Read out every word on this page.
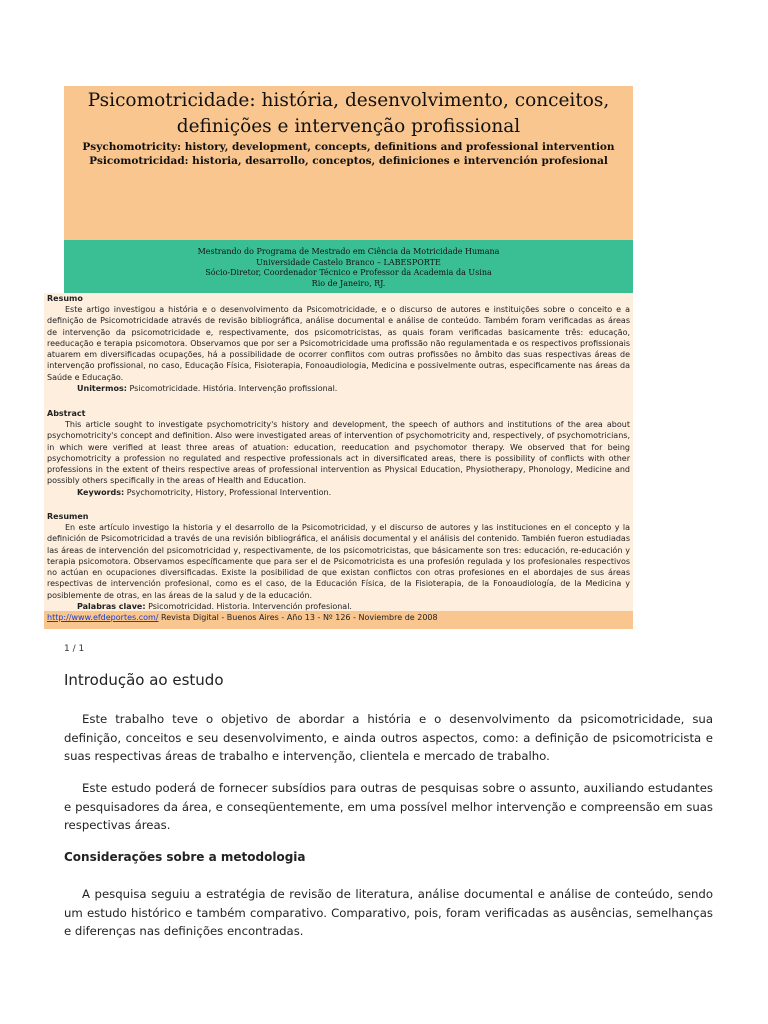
Psicomotricidade: história, desenvolvimento, conceitos, definições e intervenção profissional
Psychomotricity: history, development, concepts, definitions and professional intervention
Psicomotricidad: historia, desarrollo, conceptos, definiciones e intervención profesional
Mestrando do Programa de Mestrado em Ciência da Motricidade Humana
Universidade Castelo Branco – LABESPORTE
Sócio-Diretor, Coordenador Técnico e Professor da Academia da Usina
Rio de Janeiro, RJ.
Resumo

Este artigo investigou a história e o desenvolvimento da Psicomotricidade, e o discurso de autores e instituições sobre o conceito e a definição de Psicomotricidade através de revisão bibliográfica, análise documental e análise de conteúdo. Também foram verificadas as áreas de intervenção da psicomotricidade e, respectivamente, dos psicomotricistas, as quais foram verificadas basicamente três: educação, reeducação e terapia psicomotora. Observamos que por ser a Psicomotricidade uma profissão não regulamentada e os respectivos profissionais atuarem em diversificadas ocupações, há a possibilidade de ocorrer conflitos com outras profissões no âmbito das suas respectivas áreas de intervenção profissional, no caso, Educação Física, Fisioterapia, Fonoaudiologia, Medicina e possivelmente outras, especificamente nas áreas da Saúde e Educação.

Unitermos: Psicomotricidade. História. Intervenção profissional.

Abstract

This article sought to investigate psychomotricity's history and development, the speech of authors and institutions of the area about psychomotricity's concept and definition. Also were investigated areas of intervention of psychomotricity and, respectively, of psychomotricians, in which were verified at least three areas of atuation: education, reeducation and psychomotor therapy. We observed that for being psychomotricity a profession no regulated and respective professionals act in diversificated areas, there is possibility of conflicts with other professions in the extent of theirs respective areas of professional intervention as Physical Education, Physiotherapy, Phonology, Medicine and possibly others specifically in the areas of Health and Education.

Keywords: Psychomotricity, History, Professional Intervention.

Resumen

En este artículo investigo la historia y el desarrollo de la Psicomotricidad, y el discurso de autores y las instituciones en el concepto y la definición de Psicomotricidad a través de una revisión bibliográfica, el análisis documental y el análisis del contenido. También fueron estudiadas las áreas de intervención del psicomotricidad y, respectivamente, de los psicomotricistas, que básicamente son tres: educación, re-educación y terapia psicomotora. Observamos específicamente que para ser el de Psicomotricista es una profesión regulada y los profesionales respectivos no actúan en ocupaciones diversificadas. Existe la posibilidad de que existan conflictos con otras profesiones en el abordajes de sus áreas respectivas de intervención profesional, como es el caso, de la Educación Física, de la Fisioterapia, de la Fonoaudiología, de la Medicina y posiblemente de otras, en las áreas de la salud y de la educación.

Palabras clave: Psicomotricidad. Historia. Intervención profesional.

http://www.efdeportes.com/ Revista Digital - Buenos Aires - Año 13 - Nº 126 - Noviembre de 2008
1 / 1
Introdução ao estudo

Este trabalho teve o objetivo de abordar a história e o desenvolvimento da psicomotricidade, sua definição, conceitos e seu desenvolvimento, e ainda outros aspectos, como: a definição de psicomotricista e suas respectivas áreas de trabalho e intervenção, clientela e mercado de trabalho.

Este estudo poderá de fornecer subsídios para outras de pesquisas sobre o assunto, auxiliando estudantes e pesquisadores da área, e conseqüentemente, em uma possível melhor intervenção e compreensão em suas respectivas áreas.

Considerações sobre a metodologia

A pesquisa seguiu a estratégia de revisão de literatura, análise documental e análise de conteúdo, sendo um estudo histórico e também comparativo. Comparativo, pois, foram verificadas as ausências, semelhanças e diferenças nas definições encontradas.
